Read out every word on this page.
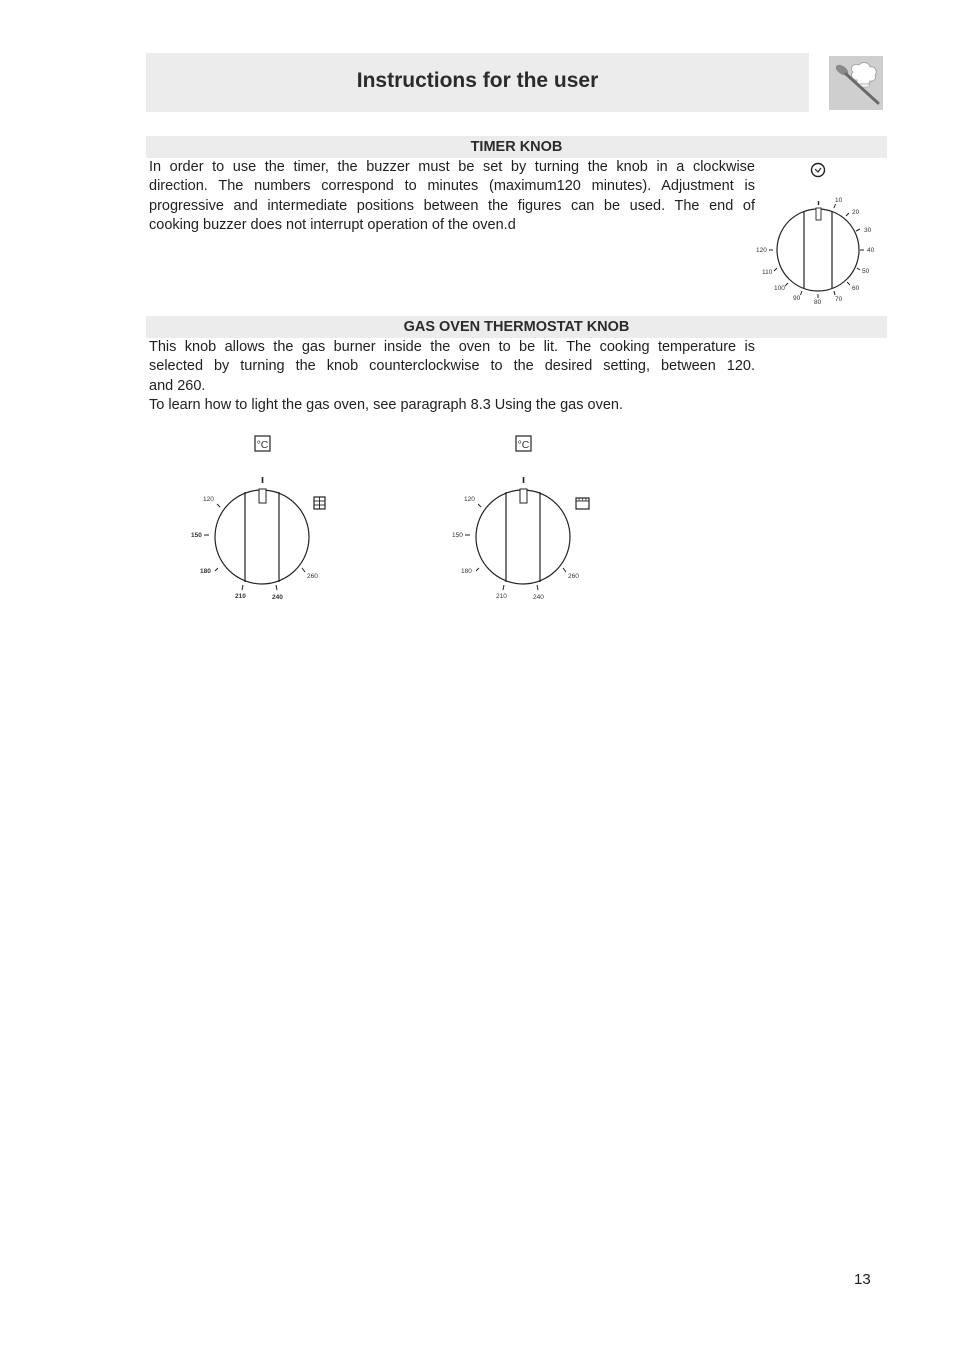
Instructions for the user
TIMER KNOB

In order to use the timer, the buzzer must be set by turning the knob in a clockwise

direction. The numbers correspond to minutes (maximum120 minutes). Adjustment is

progressive and intermediate positions between the figures can be used. The end of

cooking buzzer does not interrupt operation of the oven.d

10
20
30
40
50
60
70
80
90
100
110
120
GAS OVEN THERMOSTAT KNOB

This knob allows the gas burner inside the oven to be lit. The cooking temperature is

selected by turning the knob counterclockwise to the desired setting, between 120.

and 260.

To learn how to light the gas oven, see paragraph 8.3 Using the gas oven.

°C
120
150
180
210	240
260
°C
120
150
180
210	240
260
13
